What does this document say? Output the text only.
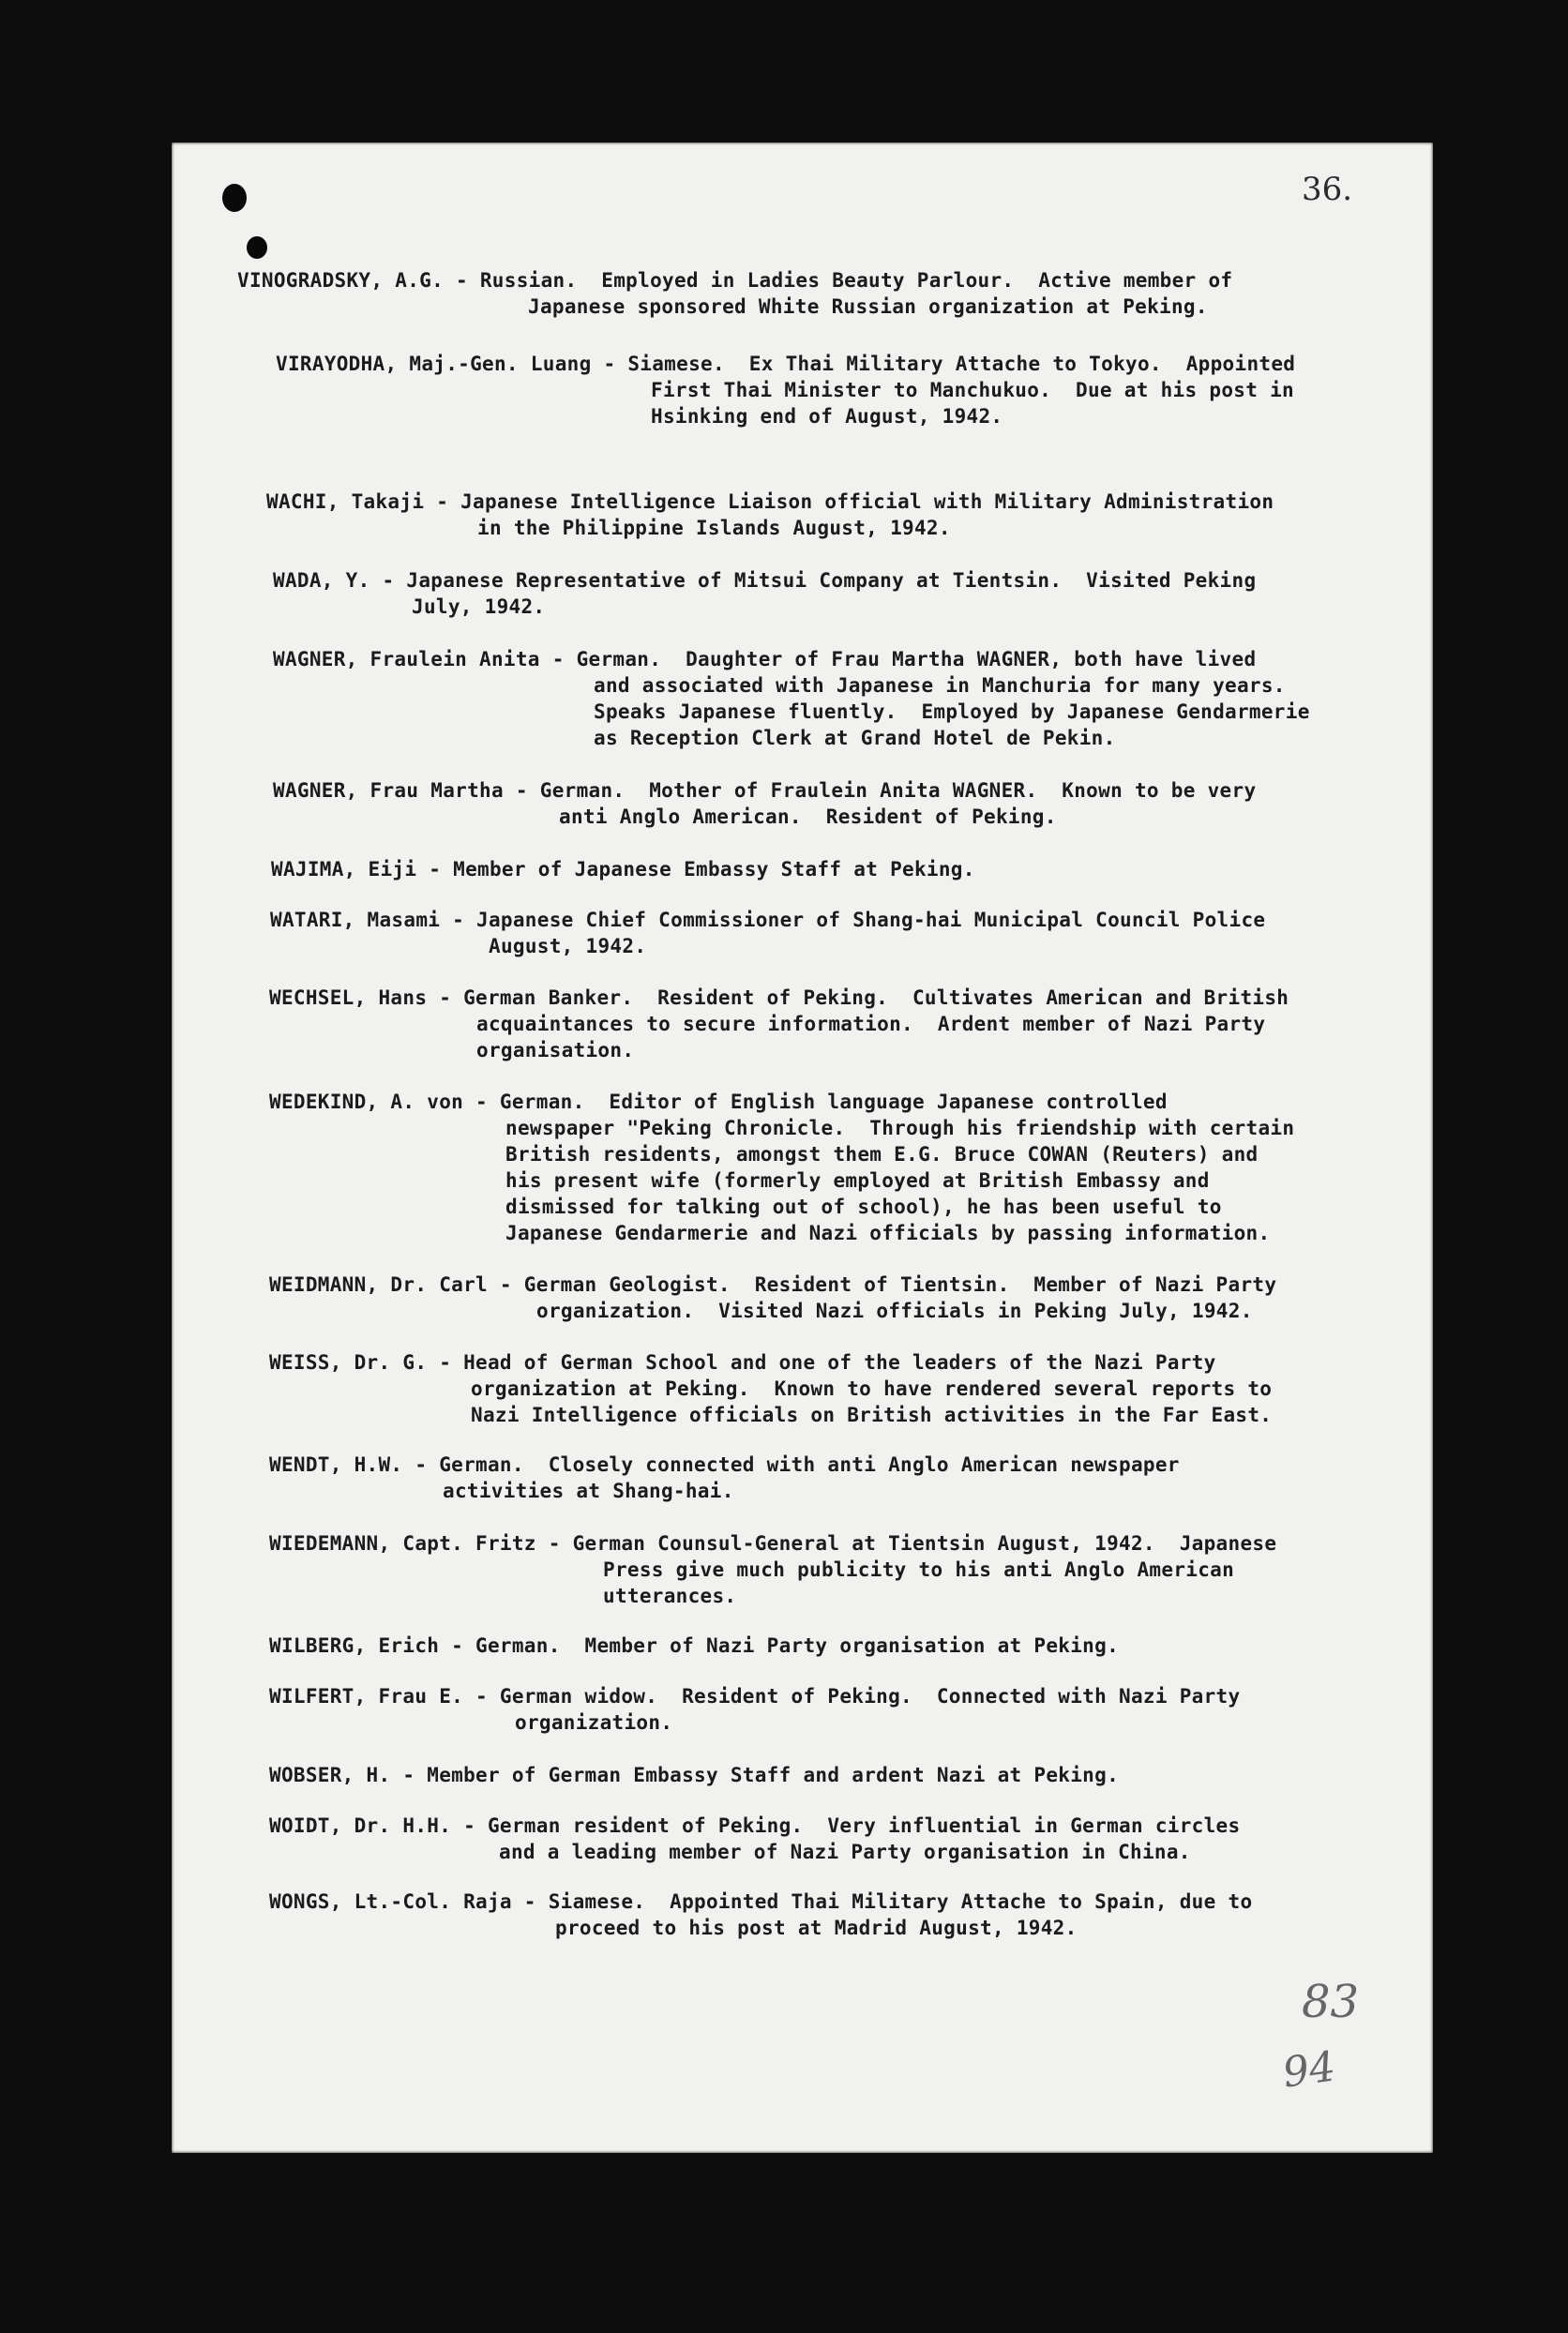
36.
VINOGRADSKY, A.G. - Russian.  Employed in Ladies Beauty Parlour.  Active member of
Japanese sponsored White Russian organization at Peking.
VIRAYODHA, Maj.-Gen. Luang - Siamese.  Ex Thai Military Attache to Tokyo.  Appointed
First Thai Minister to Manchukuo.  Due at his post in
Hsinking end of August, 1942.
WACHI, Takaji - Japanese Intelligence Liaison official with Military Administration
in the Philippine Islands August, 1942.
WADA, Y. - Japanese Representative of Mitsui Company at Tientsin.  Visited Peking
July, 1942.
WAGNER, Fraulein Anita - German.  Daughter of Frau Martha WAGNER, both have lived
and associated with Japanese in Manchuria for many years.
Speaks Japanese fluently.  Employed by Japanese Gendarmerie
as Reception Clerk at Grand Hotel de Pekin.
WAGNER, Frau Martha - German.  Mother of Fraulein Anita WAGNER.  Known to be very
anti Anglo American.  Resident of Peking.
WAJIMA, Eiji - Member of Japanese Embassy Staff at Peking.
WATARI, Masami - Japanese Chief Commissioner of Shang-hai Municipal Council Police
August, 1942.
WECHSEL, Hans - German Banker.  Resident of Peking.  Cultivates American and British
acquaintances to secure information.  Ardent member of Nazi Party
organisation.
WEDEKIND, A. von - German.  Editor of English language Japanese controlled
newspaper "Peking Chronicle.  Through his friendship with certain
British residents, amongst them E.G. Bruce COWAN (Reuters) and
his present wife (formerly employed at British Embassy and
dismissed for talking out of school), he has been useful to
Japanese Gendarmerie and Nazi officials by passing information.
WEIDMANN, Dr. Carl - German Geologist.  Resident of Tientsin.  Member of Nazi Party
organization.  Visited Nazi officials in Peking July, 1942.
WEISS, Dr. G. - Head of German School and one of the leaders of the Nazi Party
organization at Peking.  Known to have rendered several reports to
Nazi Intelligence officials on British activities in the Far East.
WENDT, H.W. - German.  Closely connected with anti Anglo American newspaper
activities at Shang-hai.
WIEDEMANN, Capt. Fritz - German Counsul-General at Tientsin August, 1942.  Japanese
Press give much publicity to his anti Anglo American
utterances.
WILBERG, Erich - German.  Member of Nazi Party organisation at Peking.
WILFERT, Frau E. - German widow.  Resident of Peking.  Connected with Nazi Party
organization.
WOBSER, H. - Member of German Embassy Staff and ardent Nazi at Peking.
WOIDT, Dr. H.H. - German resident of Peking.  Very influential in German circles
and a leading member of Nazi Party organisation in China.
WONGS, Lt.-Col. Raja - Siamese.  Appointed Thai Military Attache to Spain, due to
proceed to his post at Madrid August, 1942.
83
94
